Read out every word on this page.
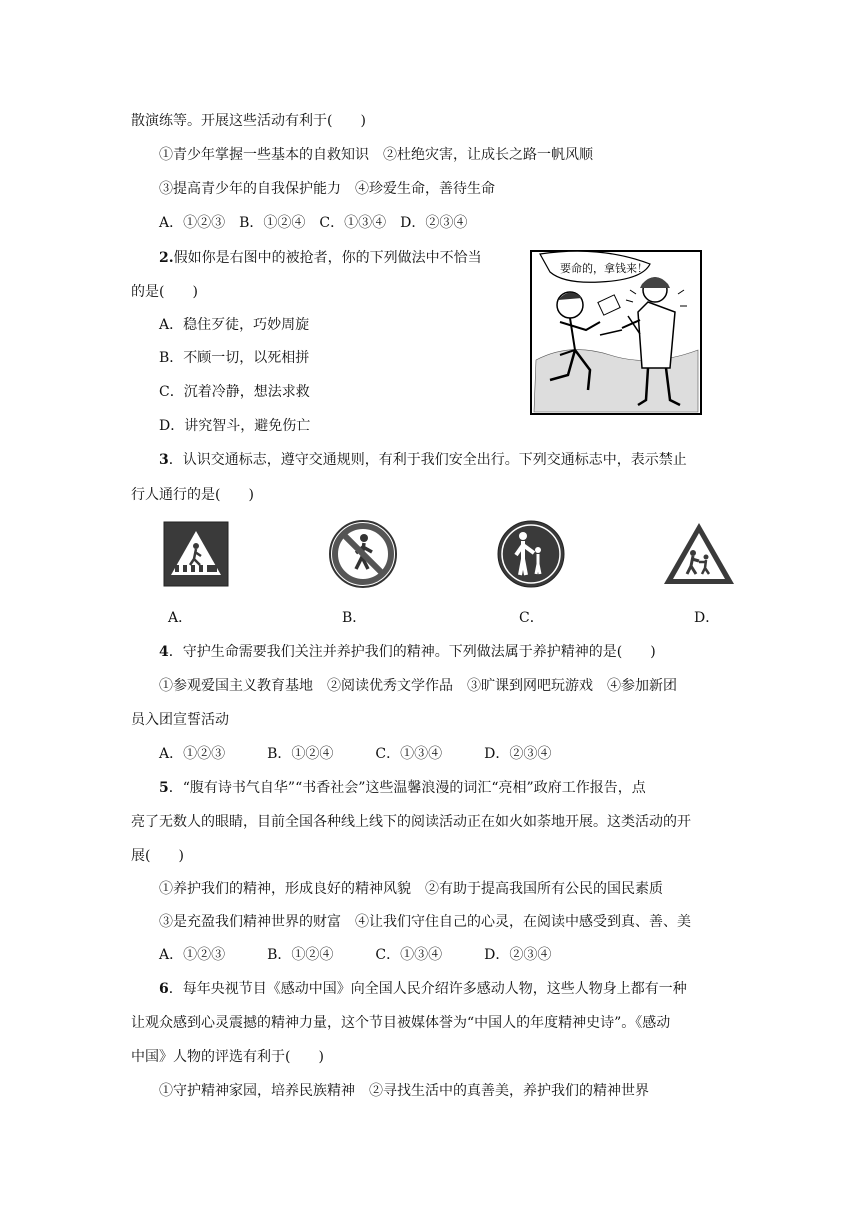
散演练等。开展这些活动有利于(　　)
①青少年掌握一些基本的自救知识　②杜绝灾害，让成长之路一帆风顺
③提高青少年的自我保护能力　④珍爱生命，善待生命
A．①②③　B．①②④　C．①③④　D．②③④
2.假如你是右图中的被抢者，你的下列做法中不恰当
的是(　　)
A．稳住歹徒，巧妙周旋
B．不顾一切，以死相拼
C．沉着冷静，想法求救
D．讲究智斗，避免伤亡
要命的，拿钱来！
3．认识交通标志，遵守交通规则，有利于我们安全出行。下列交通标志中，表示禁止
行人通行的是(　　)
A．	B．	C．	D．
4．守护生命需要我们关注并养护我们的精神。下列做法属于养护精神的是(　　)
①参观爱国主义教育基地　②阅读优秀文学作品　③旷课到网吧玩游戏　④参加新团
员入团宣誓活动
A．①②③　　　B．①②④　　　C．①③④　　　D．②③④
5．“腹有诗书气自华”“书香社会”这些温馨浪漫的词汇“亮相”政府工作报告，点
亮了无数人的眼睛，目前全国各种线上线下的阅读活动正在如火如荼地开展。这类活动的开
展(　　)
①养护我们的精神，形成良好的精神风貌　②有助于提高我国所有公民的国民素质
③是充盈我们精神世界的财富　④让我们守住自己的心灵，在阅读中感受到真、善、美
A．①②③　　　B．①②④　　　C．①③④　　　D．②③④
6．每年央视节目《感动中国》向全国人民介绍许多感动人物，这些人物身上都有一种
让观众感到心灵震撼的精神力量，这个节目被媒体誉为“中国人的年度精神史诗”。《感动
中国》人物的评选有利于(　　)
①守护精神家园，培养民族精神　②寻找生活中的真善美，养护我们的精神世界
